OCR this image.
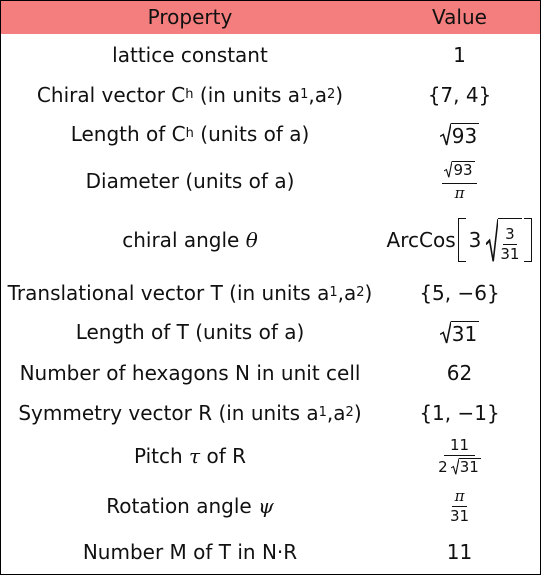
Property	Value
lattice constant	1
Chiral vector C h (in units a 1 ,a 2 )	{7, 4}
Length of C h (units of a)	93
Diameter (units of a)	$\frac{93}{\pi}$
chiral angle θ	ArcCos $3 \frac{3}{31}$
Translational vector T (in units a 1 ,a 2 ) {5, −6}
Length of T (units of a)	31
Number of hexagons N in unit cell	62
Symmetry vector R (in units a 1 ,a 2 )	{1, −1}
Pitch τ of R	$\frac{11}{2 31}$
Rotation angle ψ	$\frac{\pi}{31}$
Number M of T in N·R	11
